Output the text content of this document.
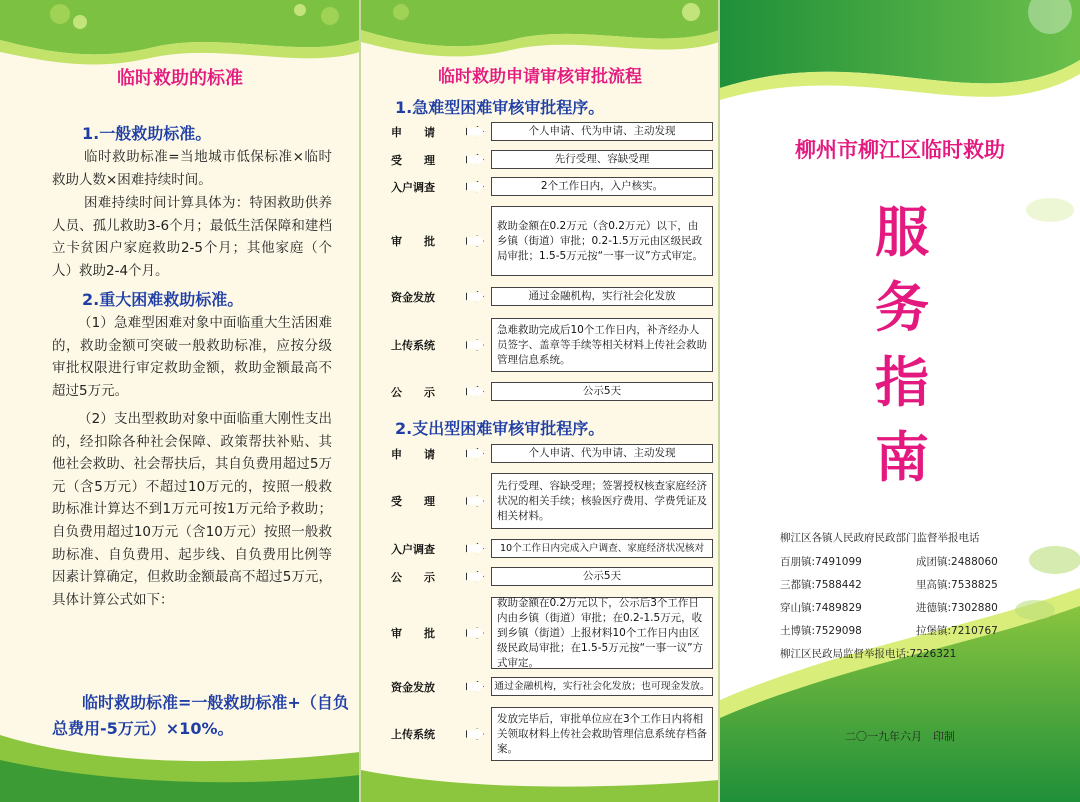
临时救助的标准
1.一般救助标准。

临时救助标准=当地城市低保标准×临时救助人数×困难持续时间。

困难持续时间计算具体为：特困救助供养人员、孤儿救助3-6个月；最低生活保障和建档立卡贫困户家庭救助2-5个月；其他家庭（个人）救助2-4个月。

2.重大困难救助标准。

（1）急难型困难对象中面临重大生活困难的，救助金额可突破一般救助标准，应按分级审批权限进行审定救助金额，救助金额最高不超过5万元。

（2）支出型救助对象中面临重大刚性支出的，经扣除各种社会保障、政策帮扶补贴、其他社会救助、社会帮扶后，其自负费用超过5万元（含5万元）不超过10万元的，按照一般救助标准计算达不到1万元可按1万元给予救助；自负费用超过10万元（含10万元）按照一般救助标准、自负费用、起步线、自负费用比例等因素计算确定，但救助金额最高不超过5万元，具体计算公式如下：

临时救助标准=一般救助标准+（自负总费用-5万元）×10%。

临时救助申请审核审批流程
1.急难型困难审核审批程序。
申　　请	个人申请、代为申请、主动发现
受　　理	先行受理、容缺受理
入户调查	2个工作日内，入户核实。
审　　批
救助金额在0.2万元（含0.2万元）以下，由乡镇（街道）审批；0.2-1.5万元由区级民政局审批；1.5-5万元按“一事一议”方式审定。
资金发放	通过金融机构，实行社会化发放
上传系统
急难救助完成后10个工作日内，补齐经办人员签字、盖章等手续等相关材料上传社会救助管理信息系统。
公　　示	公示5天
2.支出型困难审核审批程序。
申　　请	个人申请、代为申请、主动发现
受　　理
先行受理、容缺受理；签署授权核查家庭经济状况的相关手续；核验医疗费用、学费凭证及相关材料。
入户调查	10个工作日内完成入户调查、家庭经济状况核对
公　　示	公示5天
审　　批
救助金额在0.2万元以下，公示后3个工作日内由乡镇（街道）审批；在0.2-1.5万元，收到乡镇（街道）上报材料10个工作日内由区级民政局审批；在1.5-5万元按“一事一议”方式审定。
资金发放	通过金融机构，实行社会化发放；也可现金发放。
上传系统
发放完毕后，审批单位应在3个工作日内将相关领取材料上传社会救助管理信息系统存档备案。
柳州市柳江区临时救助
服
务
指
南
柳江区各镇人民政府民政部门监督举报电话
百朋镇:7491099	成团镇:2488060
三都镇:7588442	里高镇:7538825
穿山镇:7489829	进德镇:7302880
土博镇:7529098	拉堡镇:7210767
柳江区民政局监督举报电话:7226321
二〇一九年六月　印制
